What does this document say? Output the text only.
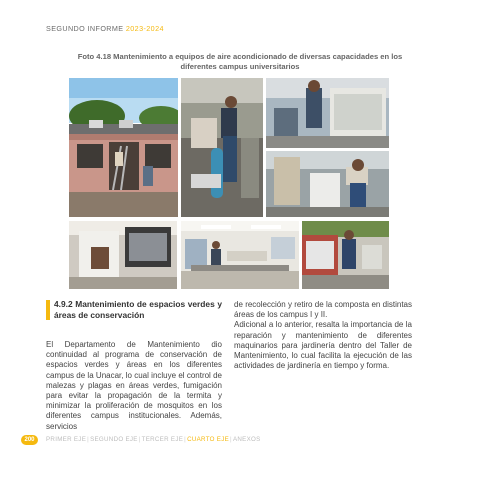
SEGUNDO INFORME 2023-2024
Foto 4.18 Mantenimiento a equipos de aire acondicionado de diversas capacidades en los diferentes campus universitarios
4.9.2 Mantenimiento de espacios verdes y áreas de conservación

El Departamento de Mantenimiento dio continuidad al programa de conservación de espacios verdes y áreas en los diferentes campus de la Unacar, lo cual incluye el control de malezas y plagas en áreas verdes, fumigación para evitar la propagación de la termita y minimizar la proliferación de mosquitos en los diferentes campus institucionales. Además, servicios

de recolección y retiro de la composta en distintas áreas de los campus I y II.

Adicional a lo anterior, resalta la importancia de la reparación y mantenimiento de diferentes maquinarios para jardinería dentro del Taller de Mantenimiento, lo cual facilita la ejecución de las actividades de jardinería en tiempo y forma.

200	PRIMER EJE|SEGUNDO EJE|TERCER EJE|CUARTO EJE|ANEXOS
